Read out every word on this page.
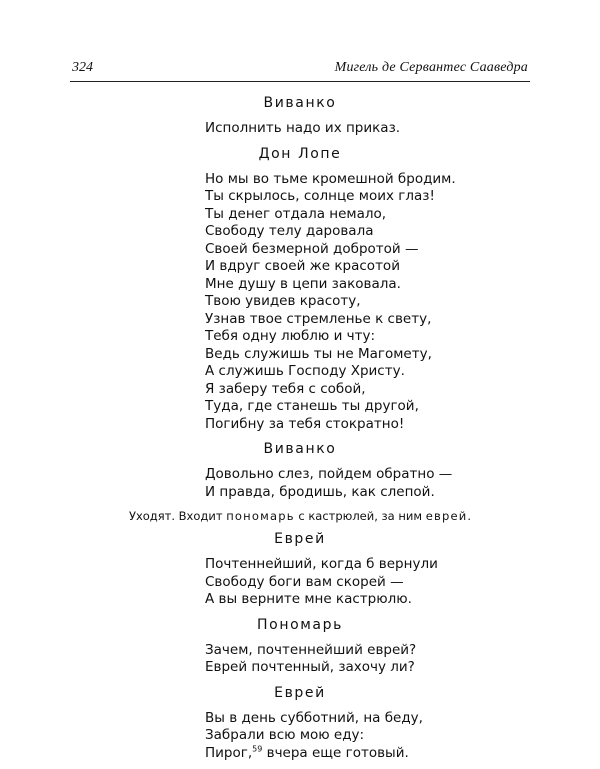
324	Мигель де Сервантес Сааведра
Виванко
Исполнить надо их приказ.
Дон Лопе
Но мы во тьме кромешной бродим.
Ты скрылось, солнце моих глаз!
Ты денег отдала немало,
Свободу телу даровала
Своей безмерной добротой —
И вдруг своей же красотой
Мне душу в цепи заковала.
Твою увидев красоту,
Узнав твое стремленье к свету,
Тебя одну люблю и чту:
Ведь служишь ты не Магомету,
А служишь Господу Христу.
Я заберу тебя с собой,
Туда, где станешь ты другой,
Погибну за тебя стократно!
Виванко
Довольно слез, пойдем обратно —
И правда, бродишь, как слепой.
Уходят. Входит пономарь с кастрюлей, за ним еврей.
Еврей
Почтеннейший, когда б вернули
Свободу боги вам скорей —
А вы верните мне кастрюлю.
Пономарь
Зачем, почтеннейший еврей?
Еврей почтенный, захочу ли?
Еврей
Вы в день субботний, на беду,
Забрали всю мою еду:
Пирог,$^{59}$ вчера еще готовый.
